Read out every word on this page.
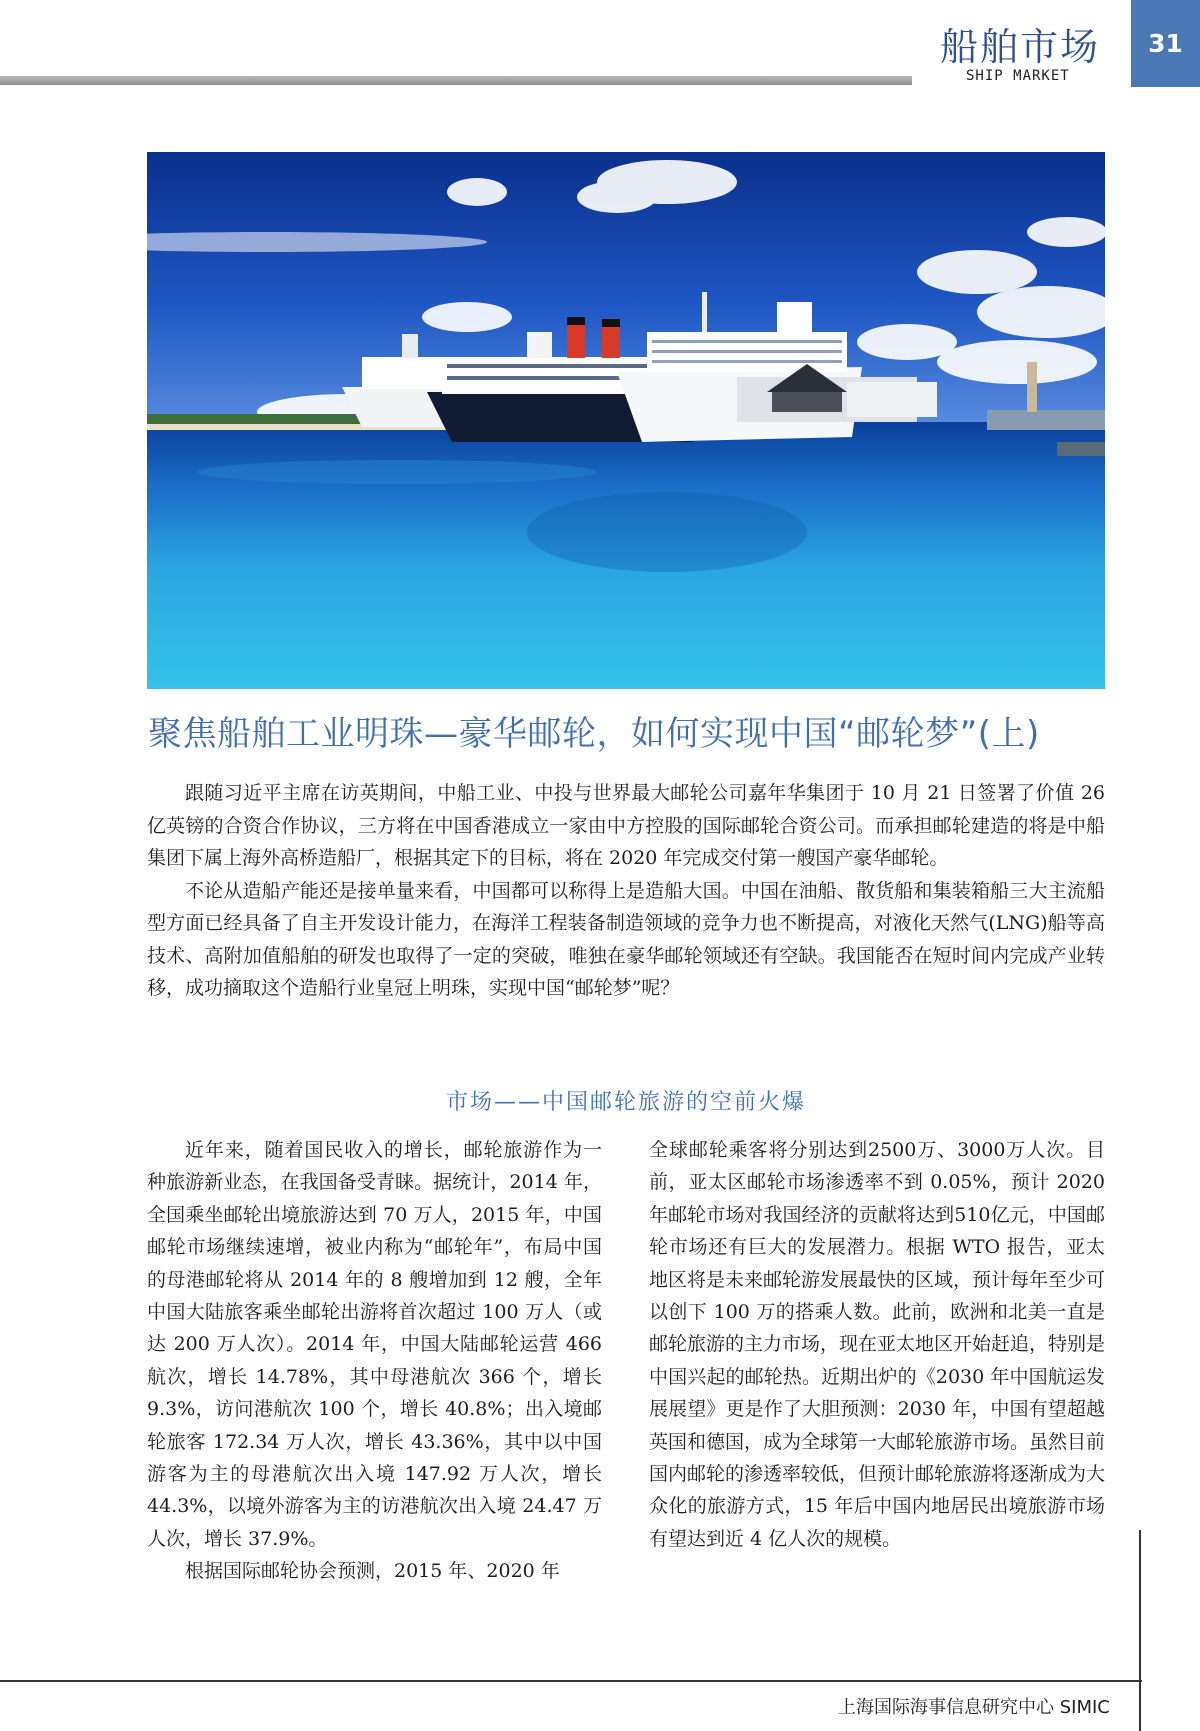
船舶市场
SHIP MARKET
31
聚焦船舶工业明珠—豪华邮轮，如何实现中国“邮轮梦”(上)

跟随习近平主席在访英期间，中船工业、中投与世界最大邮轮公司嘉年华集团于 10 月 21 日签署了价值 26 亿英镑的合资合作协议，三方将在中国香港成立一家由中方控股的国际邮轮合资公司。而承担邮轮建造的将是中船集团下属上海外高桥造船厂，根据其定下的目标，将在 2020 年完成交付第一艘国产豪华邮轮。

不论从造船产能还是接单量来看，中国都可以称得上是造船大国。中国在油船、散货船和集装箱船三大主流船型方面已经具备了自主开发设计能力，在海洋工程装备制造领域的竞争力也不断提高，对液化天然气(LNG)船等高技术、高附加值船舶的研发也取得了一定的突破，唯独在豪华邮轮领域还有空缺。我国能否在短时间内完成产业转移，成功摘取这个造船行业皇冠上明珠，实现中国“邮轮梦”呢？

市场——中国邮轮旅游的空前火爆

近年来，随着国民收入的增长，邮轮旅游作为一种旅游新业态，在我国备受青睐。据统计，2014 年，全国乘坐邮轮出境旅游达到 70 万人，2015 年，中国邮轮市场继续速增，被业内称为“邮轮年”，布局中国的母港邮轮将从 2014 年的 8 艘增加到 12 艘，全年中国大陆旅客乘坐邮轮出游将首次超过 100 万人（或达 200 万人次）。2014 年，中国大陆邮轮运营 466 航次，增长 14.78%，其中母港航次 366 个，增长 9.3%，访问港航次 100 个，增长 40.8%；出入境邮轮旅客 172.34 万人次，增长 43.36%，其中以中国游客为主的母港航次出入境 147.92 万人次，增长 44.3%，以境外游客为主的访港航次出入境 24.47 万人次，增长 37.9%。

根据国际邮轮协会预测，2015 年、2020 年

全球邮轮乘客将分别达到2500万、3000万人次。目前，亚太区邮轮市场渗透率不到 0.05%，预计 2020年邮轮市场对我国经济的贡献将达到510亿元，中国邮轮市场还有巨大的发展潜力。根据 WTO 报告，亚太地区将是未来邮轮游发展最快的区域，预计每年至少可以创下 100 万的搭乘人数。此前，欧洲和北美一直是邮轮旅游的主力市场，现在亚太地区开始赶追，特别是中国兴起的邮轮热。近期出炉的《2030 年中国航运发展展望》更是作了大胆预测：2030 年，中国有望超越英国和德国，成为全球第一大邮轮旅游市场。虽然目前国内邮轮的渗透率较低，但预计邮轮旅游将逐渐成为大众化的旅游方式，15 年后中国内地居民出境旅游市场有望达到近 4 亿人次的规模。

上海国际海事信息研究中心 SIMIC
